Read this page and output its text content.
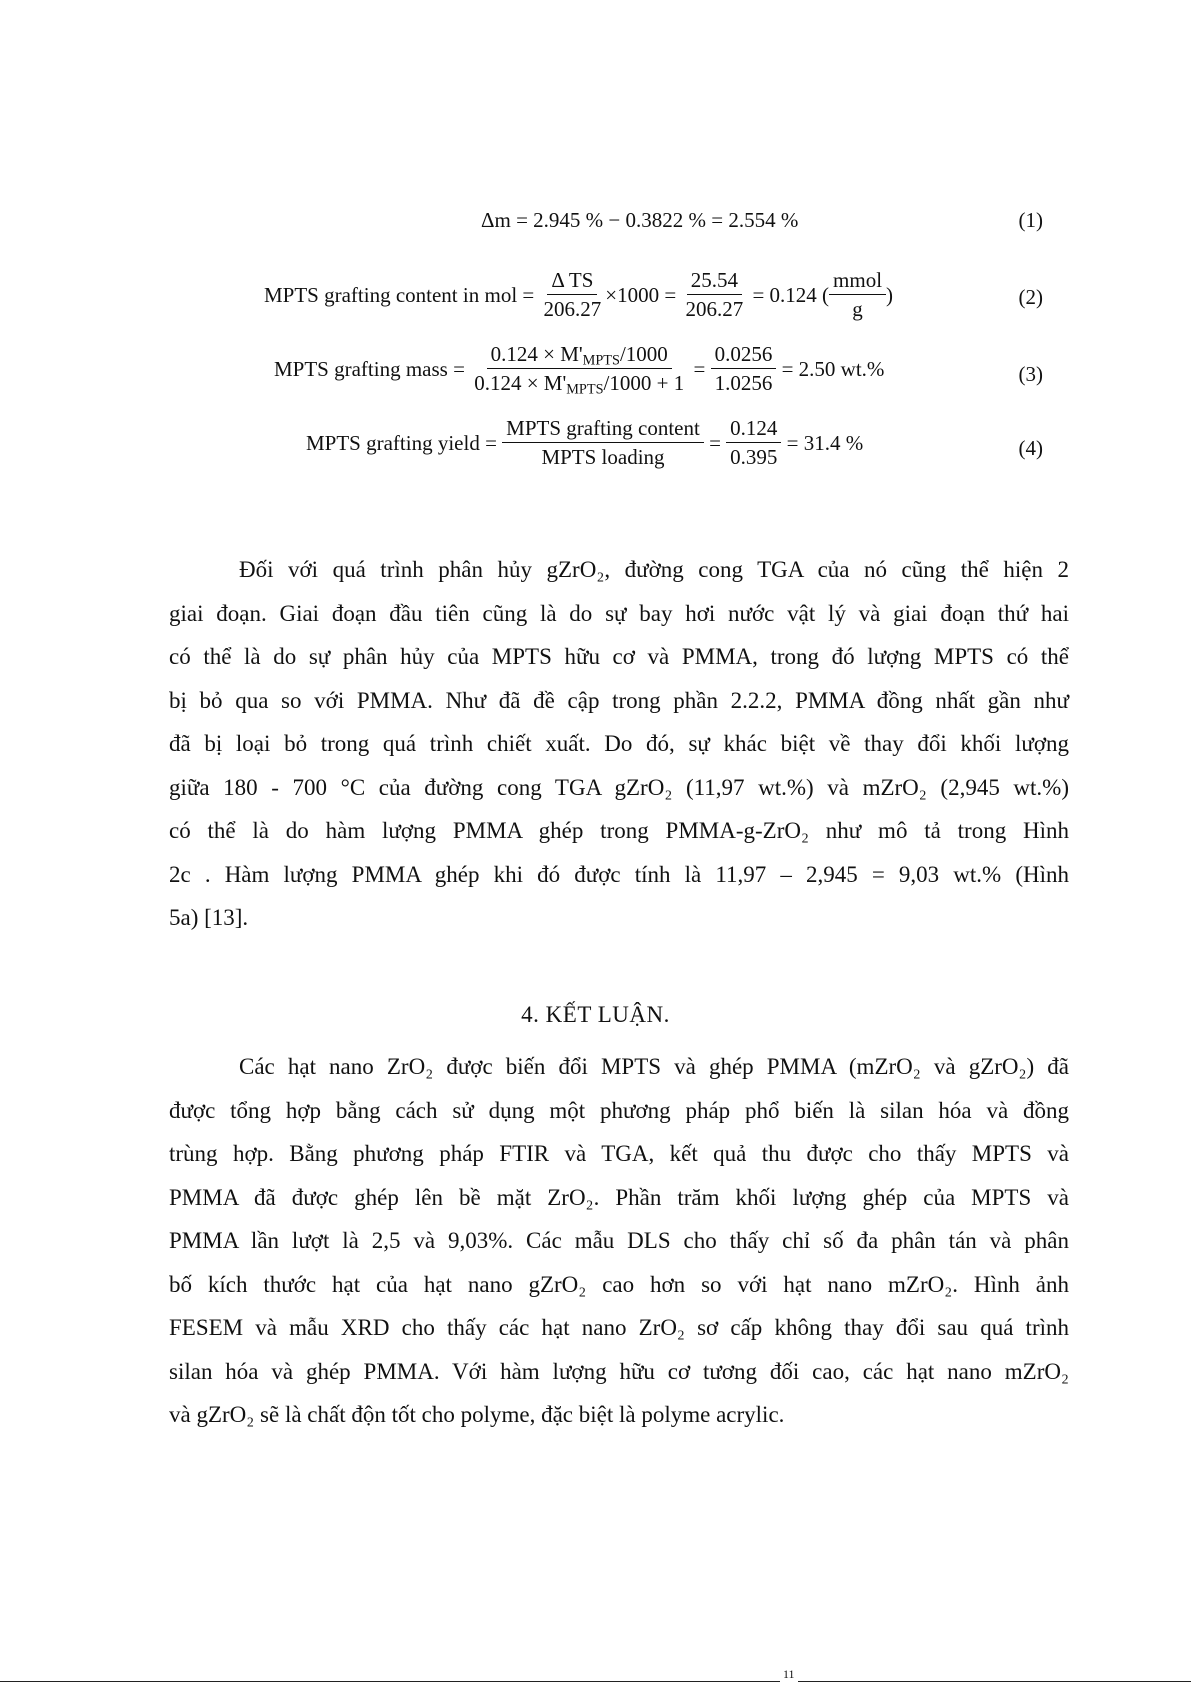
Δm = 2.945 % − 0.3822 % = 2.554 %	(1)
MPTS grafting content in mol = $\frac{\text{Δ TS}}{206.27} \times 1000 = \frac{25.54}{206.27} = 0.124$ ( $\frac{\text{mmol}}{g}$ )	(2)
MPTS grafting mass = $\frac{0.124 \times M'_{MPTS}/1000}{0.124 \times M'_{MPTS}/1000 + 1} = \frac{0.0256}{1.0256} = 2.50$ wt.%	(3)
MPTS grafting yield = $\frac{\text{MPTS grafting content}}{\text{MPTS loading}} = \frac{0.124}{0.395} = 31.4$ %	(4)
Đối với quá trình phân hủy gZrO₂, đường cong TGA của nó cũng thể hiện 2
giai đoạn. Giai đoạn đầu tiên cũng là do sự bay hơi nước vật lý và giai đoạn thứ hai
có thể là do sự phân hủy của MPTS hữu cơ và PMMA, trong đó lượng MPTS có thể
bị bỏ qua so với PMMA. Như đã đề cập trong phần 2.2.2, PMMA đồng nhất gần như
đã bị loại bỏ trong quá trình chiết xuất. Do đó, sự khác biệt về thay đổi khối lượng
giữa 180 - 700 °C của đường cong TGA gZrO₂ (11,97 wt.%) và mZrO₂ (2,945 wt.%)
có thể là do hàm lượng PMMA ghép trong PMMA-g-ZrO₂ như mô tả trong Hình
2c . Hàm lượng PMMA ghép khi đó được tính là 11,97 – 2,945 = 9,03 wt.% (Hình
5a) [13].
4. KẾT LUẬN.
Các hạt nano ZrO₂ được biến đổi MPTS và ghép PMMA (mZrO₂ và gZrO₂) đã
được tổng hợp bằng cách sử dụng một phương pháp phổ biến là silan hóa và đồng
trùng hợp. Bằng phương pháp FTIR và TGA, kết quả thu được cho thấy MPTS và
PMMA đã được ghép lên bề mặt ZrO₂. Phần trăm khối lượng ghép của MPTS và
PMMA lần lượt là 2,5 và 9,03%. Các mẫu DLS cho thấy chỉ số đa phân tán và phân
bố kích thước hạt của hạt nano gZrO₂ cao hơn so với hạt nano mZrO₂. Hình ảnh
FESEM và mẫu XRD cho thấy các hạt nano ZrO₂ sơ cấp không thay đổi sau quá trình
silan hóa và ghép PMMA. Với hàm lượng hữu cơ tương đối cao, các hạt nano mZrO₂
và gZrO₂ sẽ là chất độn tốt cho polyme, đặc biệt là polyme acrylic.
11
